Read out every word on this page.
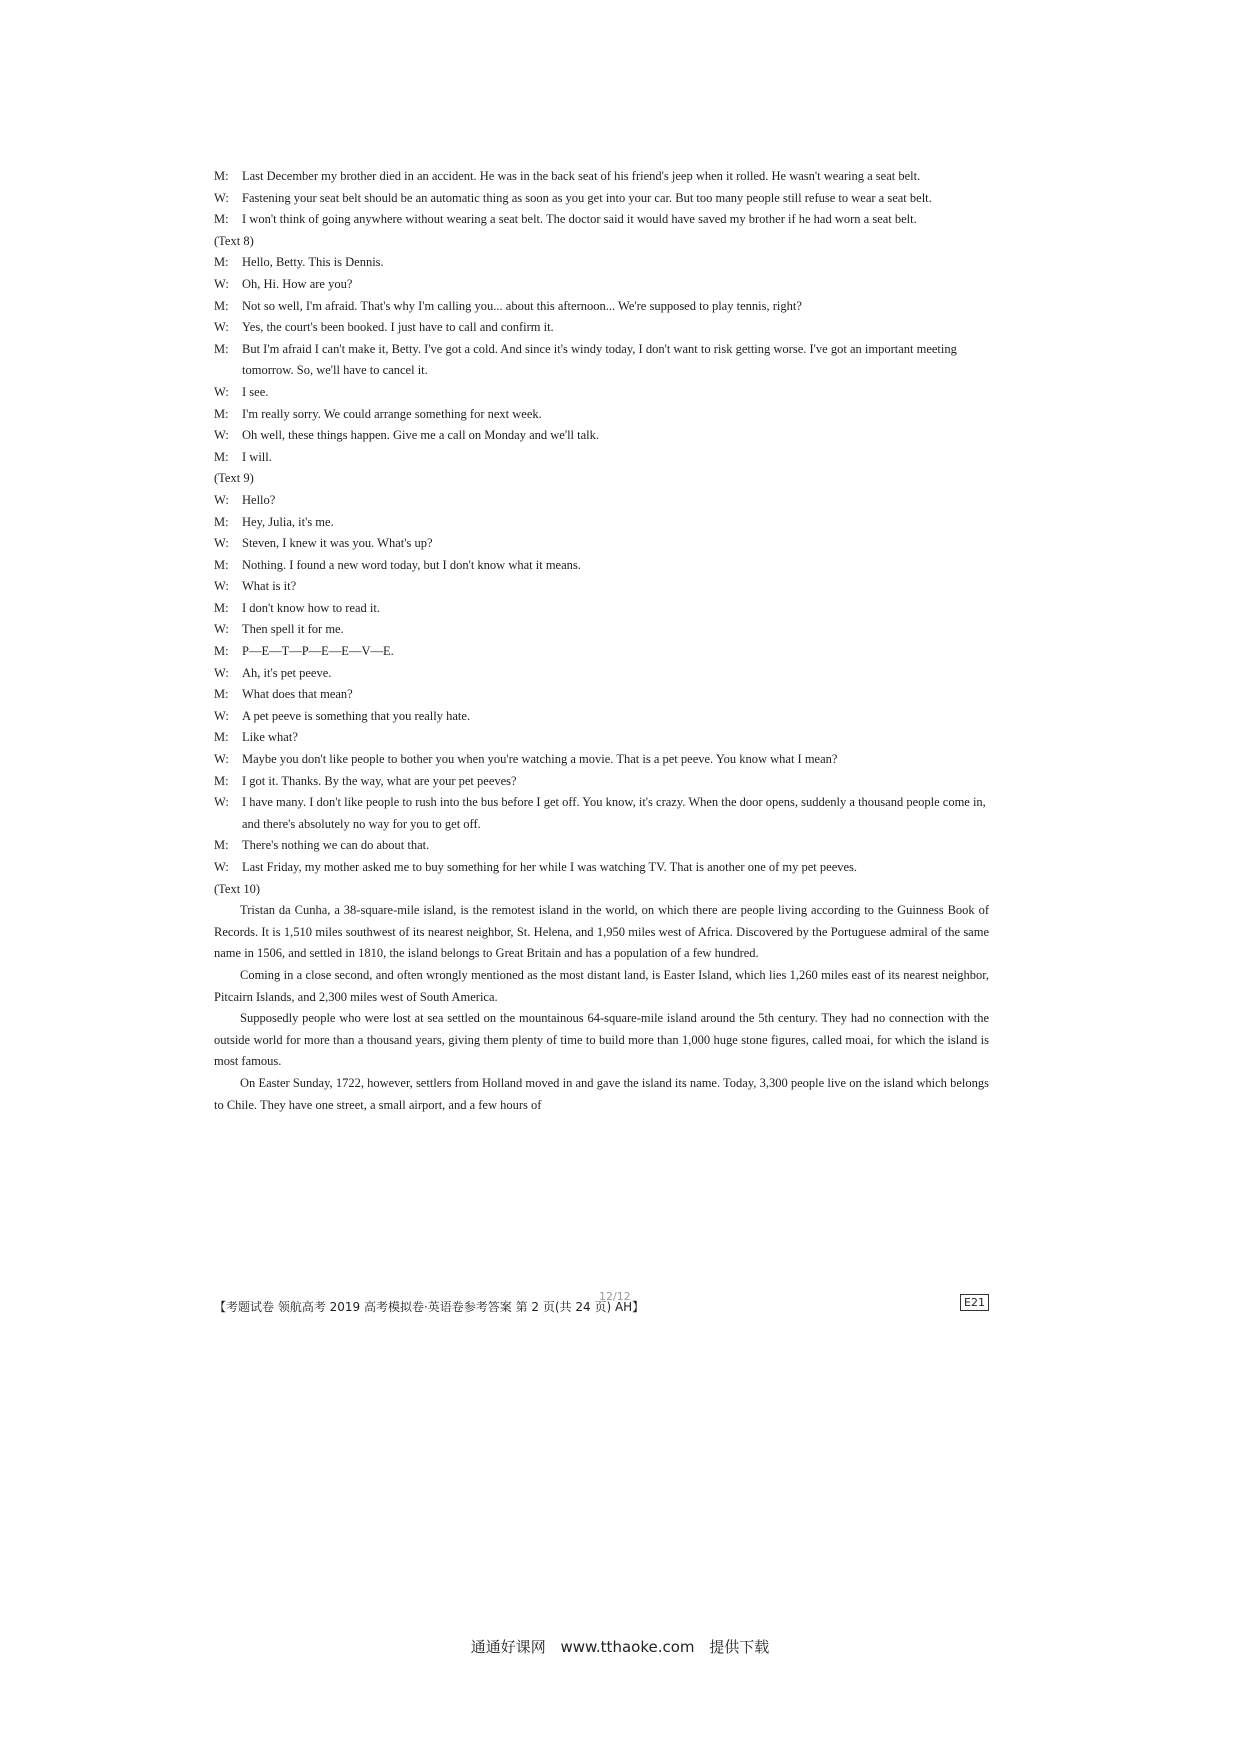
M: Last December my brother died in an accident. He was in the back seat of his friend's jeep when it rolled. He wasn't wearing a seat belt.

W: Fastening your seat belt should be an automatic thing as soon as you get into your car. But too many people still refuse to wear a seat belt.

M: I won't think of going anywhere without wearing a seat belt. The doctor said it would have saved my brother if he had worn a seat belt.

(Text 8)

M: Hello, Betty. This is Dennis.

W: Oh, Hi. How are you?

M: Not so well, I'm afraid. That's why I'm calling you... about this afternoon... We're supposed to play tennis, right?

W: Yes, the court's been booked. I just have to call and confirm it.

M: But I'm afraid I can't make it, Betty. I've got a cold. And since it's windy today, I don't want to risk getting worse. I've got an important meeting tomorrow. So, we'll have to cancel it.

W: I see.

M: I'm really sorry. We could arrange something for next week.

W: Oh well, these things happen. Give me a call on Monday and we'll talk.

M: I will.

(Text 9)

W: Hello?

M: Hey, Julia, it's me.

W: Steven, I knew it was you. What's up?

M: Nothing. I found a new word today, but I don't know what it means.

W: What is it?

M: I don't know how to read it.

W: Then spell it for me.

M: P—E—T—P—E—E—V—E.

W: Ah, it's pet peeve.

M: What does that mean?

W: A pet peeve is something that you really hate.

M: Like what?

W: Maybe you don't like people to bother you when you're watching a movie. That is a pet peeve. You know what I mean?

M: I got it. Thanks. By the way, what are your pet peeves?

W: I have many. I don't like people to rush into the bus before I get off. You know, it's crazy. When the door opens, suddenly a thousand people come in, and there's absolutely no way for you to get off.

M: There's nothing we can do about that.

W: Last Friday, my mother asked me to buy something for her while I was watching TV. That is another one of my pet peeves.

(Text 10)

Tristan da Cunha, a 38-square-mile island, is the remotest island in the world, on which there are people living according to the Guinness Book of Records. It is 1,510 miles southwest of its nearest neighbor, St. Helena, and 1,950 miles west of Africa. Discovered by the Portuguese admiral of the same name in 1506, and settled in 1810, the island belongs to Great Britain and has a population of a few hundred.

Coming in a close second, and often wrongly mentioned as the most distant land, is Easter Island, which lies 1,260 miles east of its nearest neighbor, Pitcairn Islands, and 2,300 miles west of South America.

Supposedly people who were lost at sea settled on the mountainous 64-square-mile island around the 5th century. They had no connection with the outside world for more than a thousand years, giving them plenty of time to build more than 1,000 huge stone figures, called moai, for which the island is most famous.

On Easter Sunday, 1722, however, settlers from Holland moved in and gave the island its name. Today, 3,300 people live on the island which belongs to Chile. They have one street, a small airport, and a few hours of

【考题试卷 领航高考 2019 高考模拟卷·英语卷参考答案 第 2 页(共 24 页) AH】
12/12	E21
通通好课网 www.tthaoke.com 提供下载
